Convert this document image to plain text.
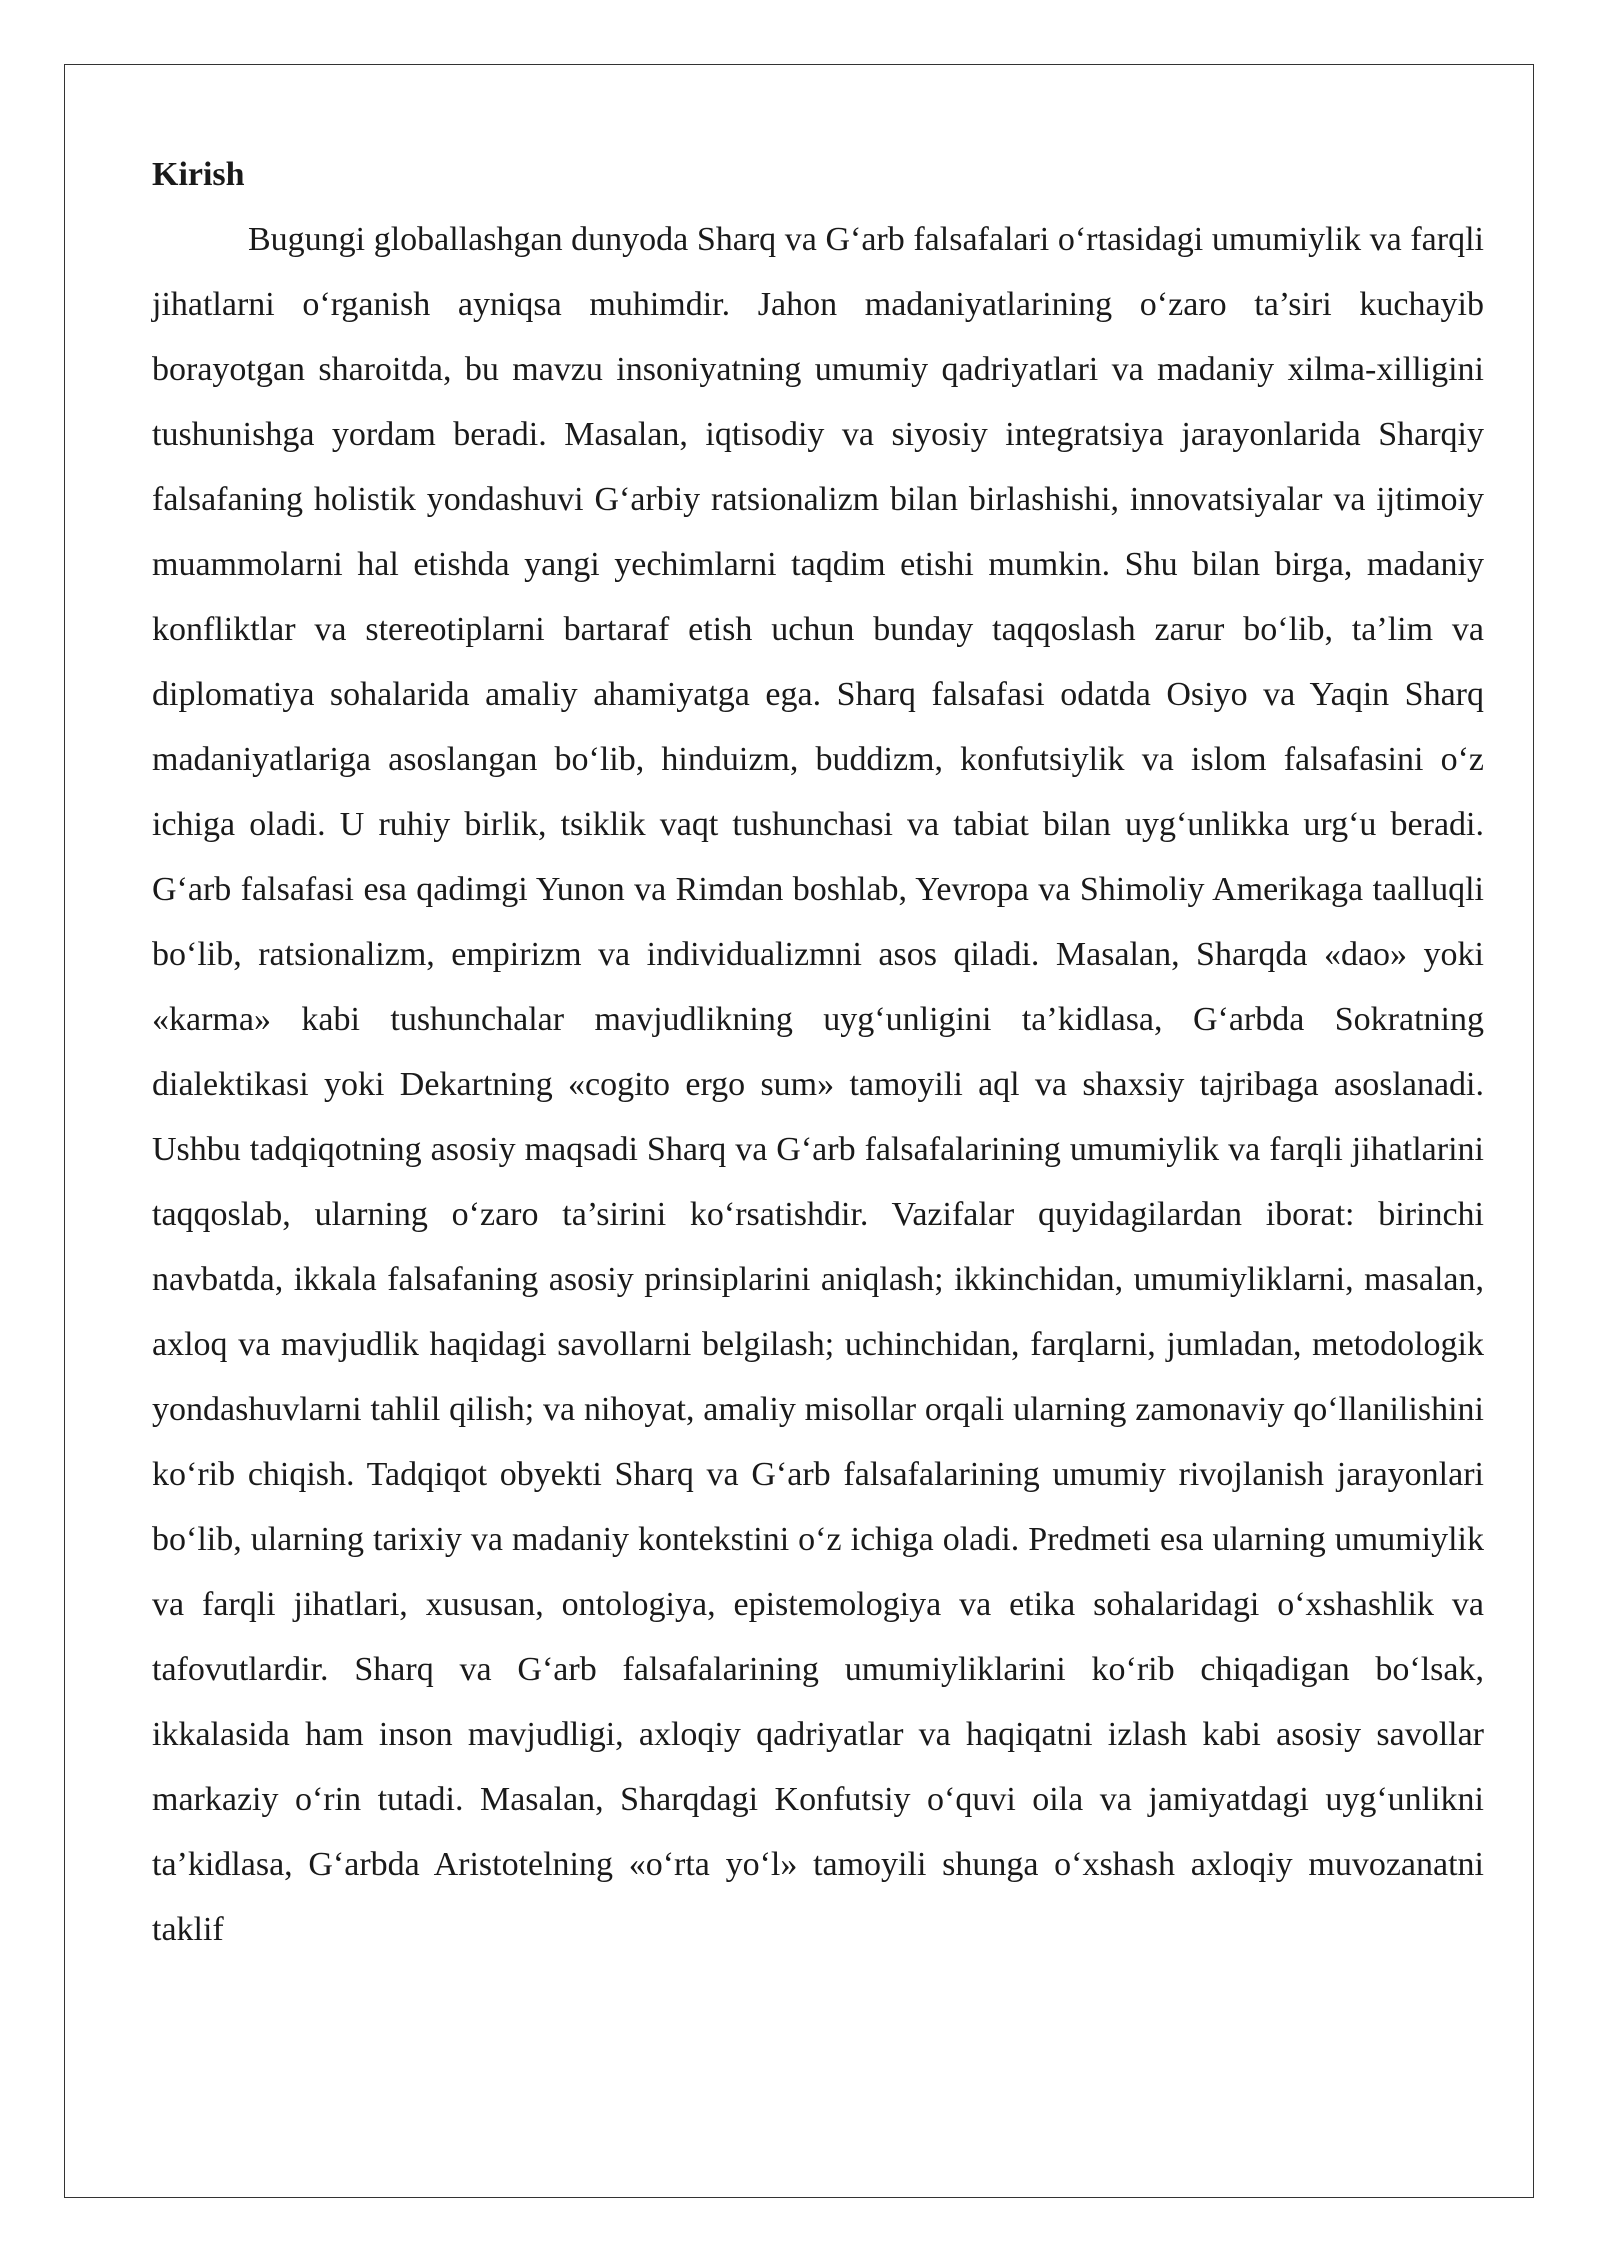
Kirish

Bugungi globallashgan dunyoda Sharq va G‘arb falsafalari o‘rtasidagi umumiylik va farqli jihatlarni o‘rganish ayniqsa muhimdir. Jahon madaniyatlarining o‘zaro ta’siri kuchayib borayotgan sharoitda, bu mavzu insoniyatning umumiy qadriyatlari va madaniy xilma-xilligini tushunishga yordam beradi. Masalan, iqtisodiy va siyosiy integratsiya jarayonlarida Sharqiy falsafaning holistik yondashuvi G‘arbiy ratsionalizm bilan birlashishi, innovatsiyalar va ijtimoiy muammolarni hal etishda yangi yechimlarni taqdim etishi mumkin. Shu bilan birga, madaniy konfliktlar va stereotiplarni bartaraf etish uchun bunday taqqoslash zarur bo‘lib, ta’lim va diplomatiya sohalarida amaliy ahamiyatga ega. Sharq falsafasi odatda Osiyo va Yaqin Sharq madaniyatlariga asoslangan bo‘lib, hinduizm, buddizm, konfutsiylik va islom falsafasini o‘z ichiga oladi. U ruhiy birlik, tsiklik vaqt tushunchasi va tabiat bilan uyg‘unlikka urg‘u beradi. G‘arb falsafasi esa qadimgi Yunon va Rimdan boshlab, Yevropa va Shimoliy Amerikaga taalluqli bo‘lib, ratsionalizm, empirizm va individualizmni asos qiladi. Masalan, Sharqda «dao» yoki «karma» kabi tushunchalar mavjudlikning uyg‘unligini ta’kidlasa, G‘arbda Sokratning dialektikasi yoki Dekartning «cogito ergo sum» tamoyili aql va shaxsiy tajribaga asoslanadi. Ushbu tadqiqotning asosiy maqsadi Sharq va G‘arb falsafalarining umumiylik va farqli jihatlarini taqqoslab, ularning o‘zaro ta’sirini ko‘rsatishdir. Vazifalar quyidagilardan iborat: birinchi navbatda, ikkala falsafaning asosiy prinsiplarini aniqlash; ikkinchidan, umumiyliklarni, masalan, axloq va mavjudlik haqidagi savollarni belgilash; uchinchidan, farqlarni, jumladan, metodologik yondashuvlarni tahlil qilish; va nihoyat, amaliy misollar orqali ularning zamonaviy qo‘llanilishini ko‘rib chiqish. Tadqiqot obyekti Sharq va G‘arb falsafalarining umumiy rivojlanish jarayonlari bo‘lib, ularning tarixiy va madaniy kontekstini o‘z ichiga oladi. Predmeti esa ularning umumiylik va farqli jihatlari, xususan, ontologiya, epistemologiya va etika sohalaridagi o‘xshashlik va tafovutlardir. Sharq va G‘arb falsafalarining umumiyliklarini ko‘rib chiqadigan bo‘lsak, ikkalasida ham inson mavjudligi, axloqiy qadriyatlar va haqiqatni izlash kabi asosiy savollar markaziy o‘rin tutadi. Masalan, Sharqdagi Konfutsiy o‘quvi oila va jamiyatdagi uyg‘unlikni ta’kidlasa, G‘arbda Aristotelning «o‘rta yo‘l» tamoyili shunga o‘xshash axloqiy muvozanatni taklif
